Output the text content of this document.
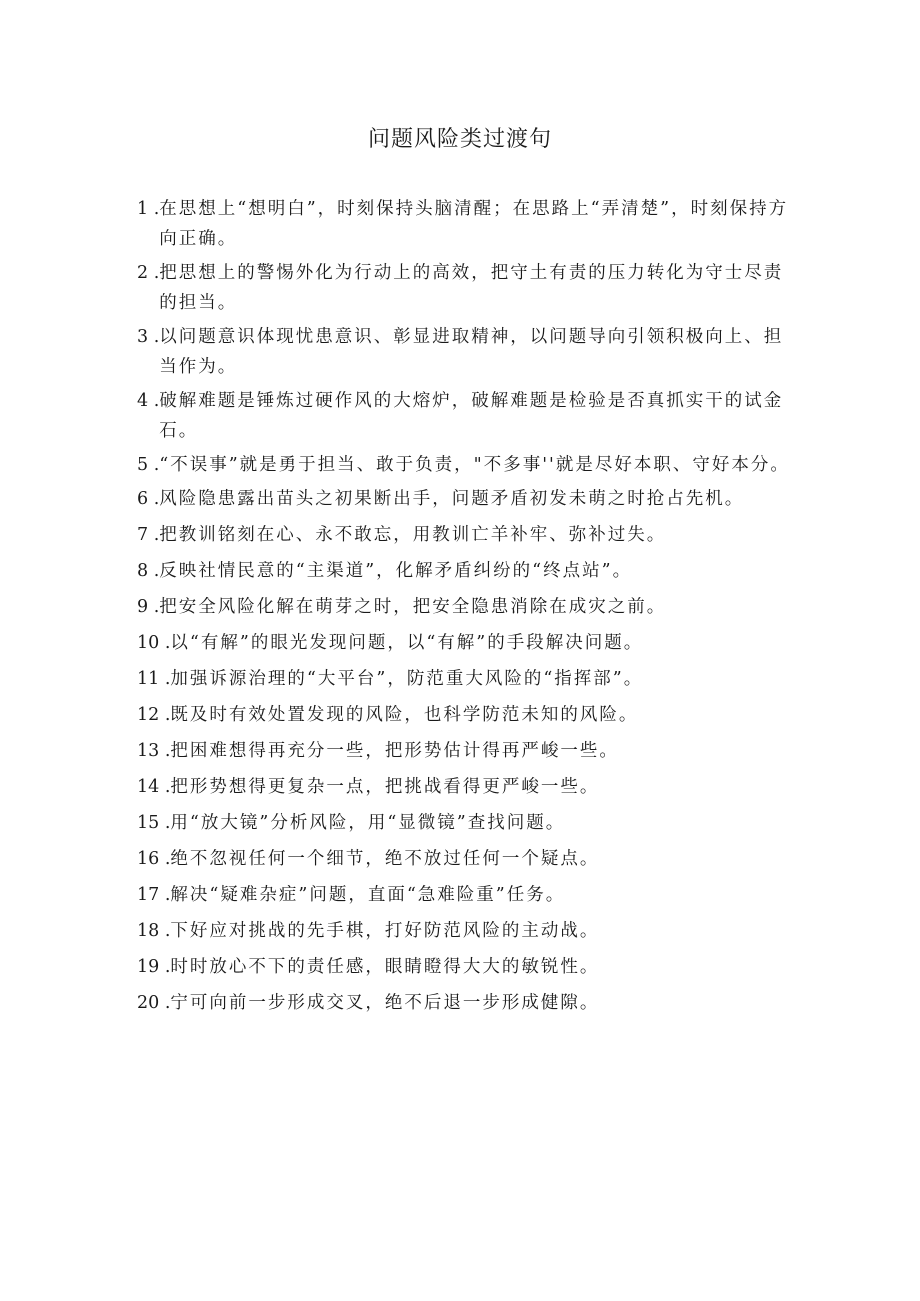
问题风险类过渡句
1 . 在思想上“想明白”，时刻保持头脑清醒；在思路上“弄清楚”，时刻保持方向正确。
2 . 把思想上的警惕外化为行动上的高效，把守土有责的压力转化为守士尽责的担当。
3 . 以问题意识体现忧患意识、彰显进取精神，以问题导向引领积极向上、担当作为。
4 . 破解难题是锤炼过硬作风的大熔炉，破解难题是检验是否真抓实干的试金石。
5 . “不误事”就是勇于担当、敢于负责，"不多事''就是尽好本职、守好本分。
6 . 风险隐患露出苗头之初果断出手，问题矛盾初发未萌之时抢占先机。
7 . 把教训铭刻在心、永不敢忘，用教训亡羊补牢、弥补过失。
8 . 反映社情民意的“主渠道”，化解矛盾纠纷的“终点站”。
9 . 把安全风险化解在萌芽之时，把安全隐患消除在成灾之前。
10 . 以“有解”的眼光发现问题，以“有解”的手段解决问题。
11 . 加强诉源治理的“大平台”，防范重大风险的“指挥部”。
12 . 既及时有效处置发现的风险，也科学防范未知的风险。
13 . 把困难想得再充分一些，把形势估计得再严峻一些。
14 . 把形势想得更复杂一点，把挑战看得更严峻一些。
15 . 用“放大镜”分析风险，用“显微镜”查找问题。
16 . 绝不忽视任何一个细节，绝不放过任何一个疑点。
17 . 解决“疑难杂症”问题，直面“急难险重”任务。
18 . 下好应对挑战的先手棋，打好防范风险的主动战。
19 . 时时放心不下的责任感，眼睛瞪得大大的敏锐性。
20 . 宁可向前一步形成交叉，绝不后退一步形成健隙。
